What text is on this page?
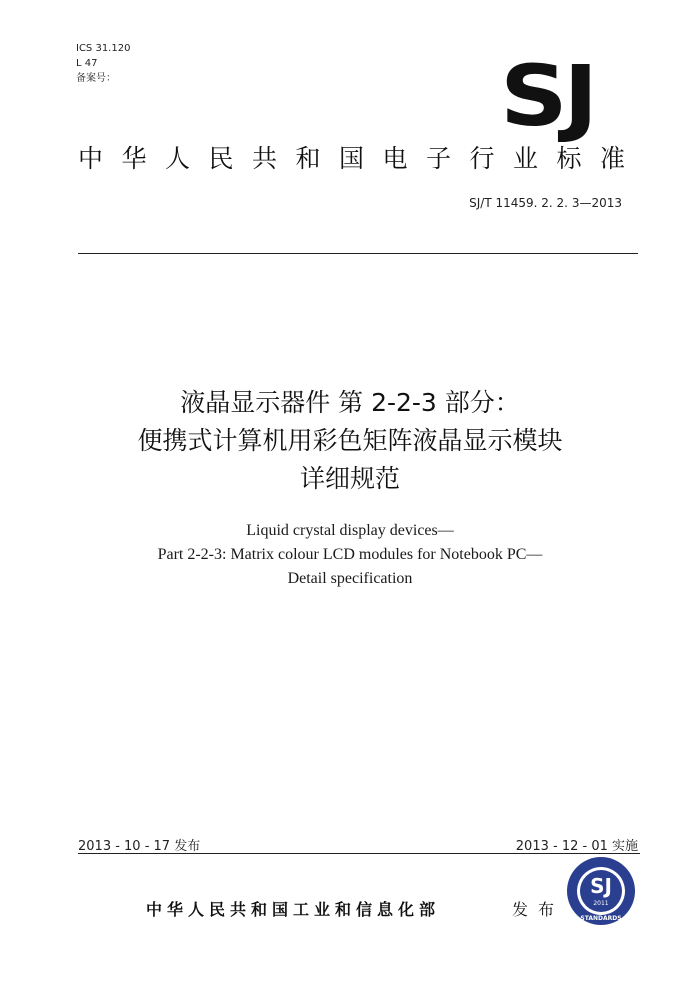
ICS 31.120
L 47
备案号：	SJ
中华人民共和国电子行业标准
SJ/T 11459. 2. 2. 3—2013
液晶显示器件 第 2-2-3 部分：
便携式计算机用彩色矩阵液晶显示模块
详细规范
Liquid crystal display devices—
Part 2-2-3: Matrix colour LCD modules for Notebook PC—
Detail specification
2013 - 10 - 17 发布	2013 - 12 - 01 实施
中华人民共和国工业和信息化部	发布
SJ
2011
STANDARDS
